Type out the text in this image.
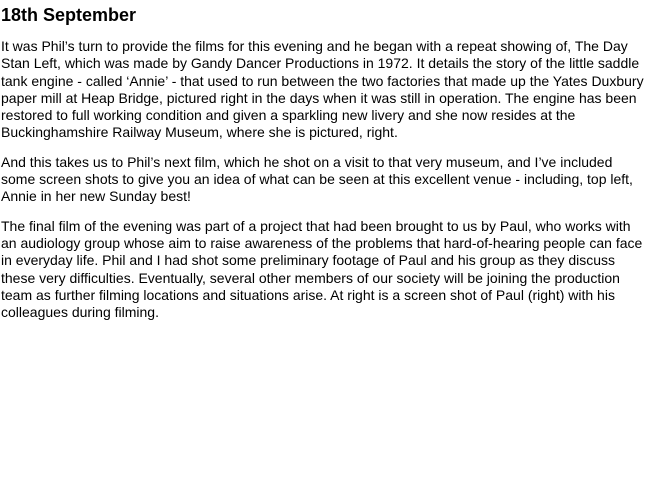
18th September

It was Phil’s turn to provide the films for this evening and he began with a repeat showing of, The Day Stan Left, which was made by Gandy Dancer Productions in 1972. It details the story of the little saddle tank engine - called ‘Annie’ - that used to run between the two factories that made up the Yates Duxbury paper mill at Heap Bridge, pictured right in the days when it was still in operation. The engine has been restored to full working condition and given a sparkling new livery and she now resides at the Buckinghamshire Railway Museum, where she is pictured, right.

And this takes us to Phil’s next film, which he shot on a visit to that very museum, and I’ve included some screen shots to give you an idea of what can be seen at this excellent venue - including, top left, Annie in her new Sunday best!

The final film of the evening was part of a project that had been brought to us by Paul, who works with an audiology group whose aim to raise awareness of the problems that hard-of-hearing people can face in everyday life. Phil and I had shot some preliminary footage of Paul and his group as they discuss these very difficulties. Eventually, several other members of our society will be joining the production team as further filming locations and situations arise. At right is a screen shot of Paul (right) with his colleagues during filming.
